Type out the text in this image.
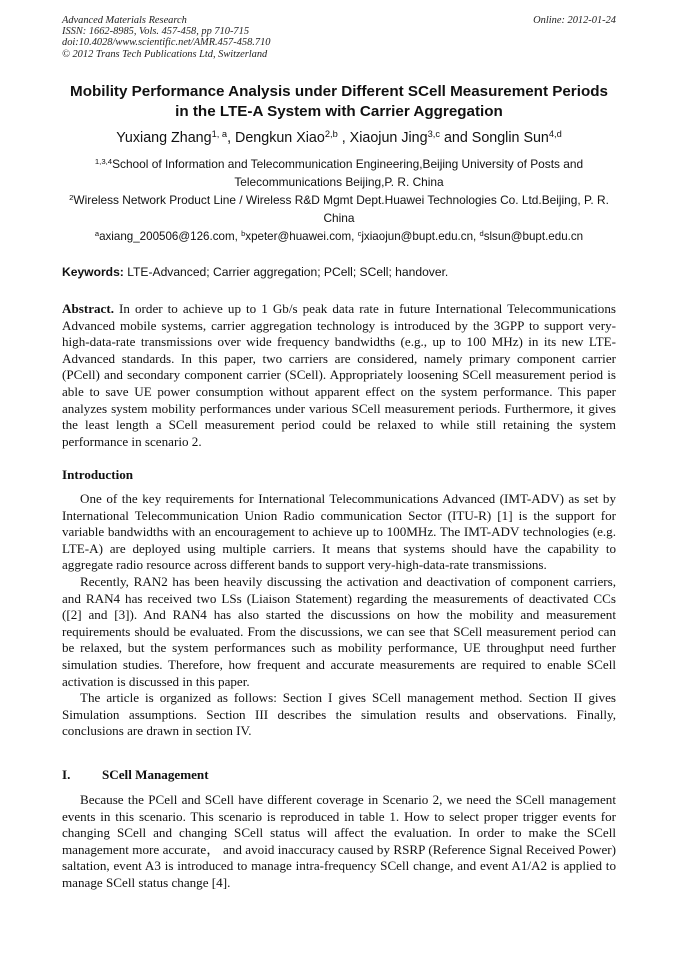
Advanced Materials Research
ISSN: 1662-8985, Vols. 457-458, pp 710-715
doi:10.4028/www.scientific.net/AMR.457-458.710
© 2012 Trans Tech Publications Ltd, Switzerland
Online: 2012-01-24
Mobility Performance Analysis under Different SCell Measurement Periods in the LTE-A System with Carrier Aggregation
Yuxiang Zhang$^{1, a}$, Dengkun Xiao$^{2,b}$ , Xiaojun Jing$^{3,c}$ and Songlin Sun$^{4,d}$
$^{1,3,4}$School of Information and Telecommunication Engineering,Beijing University of Posts and Telecommunications Beijing,P. R. China
$^2$Wireless Network Product Line / Wireless R&D Mgmt Dept.Huawei Technologies Co. Ltd.Beijing, P. R. China
$^a$axiang_200506@126.com, $^b$xpeter@huawei.com, $^c$jxiaojun@bupt.edu.cn, $^d$slsun@bupt.edu.cn
Keywords: LTE-Advanced; Carrier aggregation; PCell; SCell; handover.
Abstract. In order to achieve up to 1 Gb/s peak data rate in future International Telecommunications Advanced mobile systems, carrier aggregation technology is introduced by the 3GPP to support very-high-data-rate transmissions over wide frequency bandwidths (e.g., up to 100 MHz) in its new LTE-Advanced standards. In this paper, two carriers are considered, namely primary component carrier (PCell) and secondary component carrier (SCell). Appropriately loosening SCell measurement period is able to save UE power consumption without apparent effect on the system performance. This paper analyzes system mobility performances under various SCell measurement periods. Furthermore, it gives the least length a SCell measurement period could be relaxed to while still retaining the system performance in scenario 2.
Introduction

One of the key requirements for International Telecommunications Advanced (IMT-ADV) as set by International Telecommunication Union Radio communication Sector (ITU-R) [1] is the support for variable bandwidths with an encouragement to achieve up to 100MHz. The IMT-ADV technologies (e.g. LTE-A) are deployed using multiple carriers. It means that systems should have the capability to aggregate radio resource across different bands to support very-high-data-rate transmissions.

Recently, RAN2 has been heavily discussing the activation and deactivation of component carriers, and RAN4 has received two LSs (Liaison Statement) regarding the measurements of deactivated CCs ([2] and [3]). And RAN4 has also started the discussions on how the mobility and measurement requirements should be evaluated. From the discussions, we can see that SCell measurement period can be relaxed, but the system performances such as mobility performance, UE throughput need further simulation studies. Therefore, how frequent and accurate measurements are required to enable SCell activation is discussed in this paper.

The article is organized as follows: Section I gives SCell management method. Section II gives Simulation assumptions. Section III describes the simulation results and observations. Finally, conclusions are drawn in section IV.

I. SCell Management

Because the PCell and SCell have different coverage in Scenario 2, we need the SCell management events in this scenario. This scenario is reproduced in table 1. How to select proper trigger events for changing SCell and changing SCell status will affect the evaluation. In order to make the SCell management more accurate， and avoid inaccuracy caused by RSRP (Reference Signal Received Power) saltation, event A3 is introduced to manage intra-frequency SCell change, and event A1/A2 is applied to manage SCell status change [4].
